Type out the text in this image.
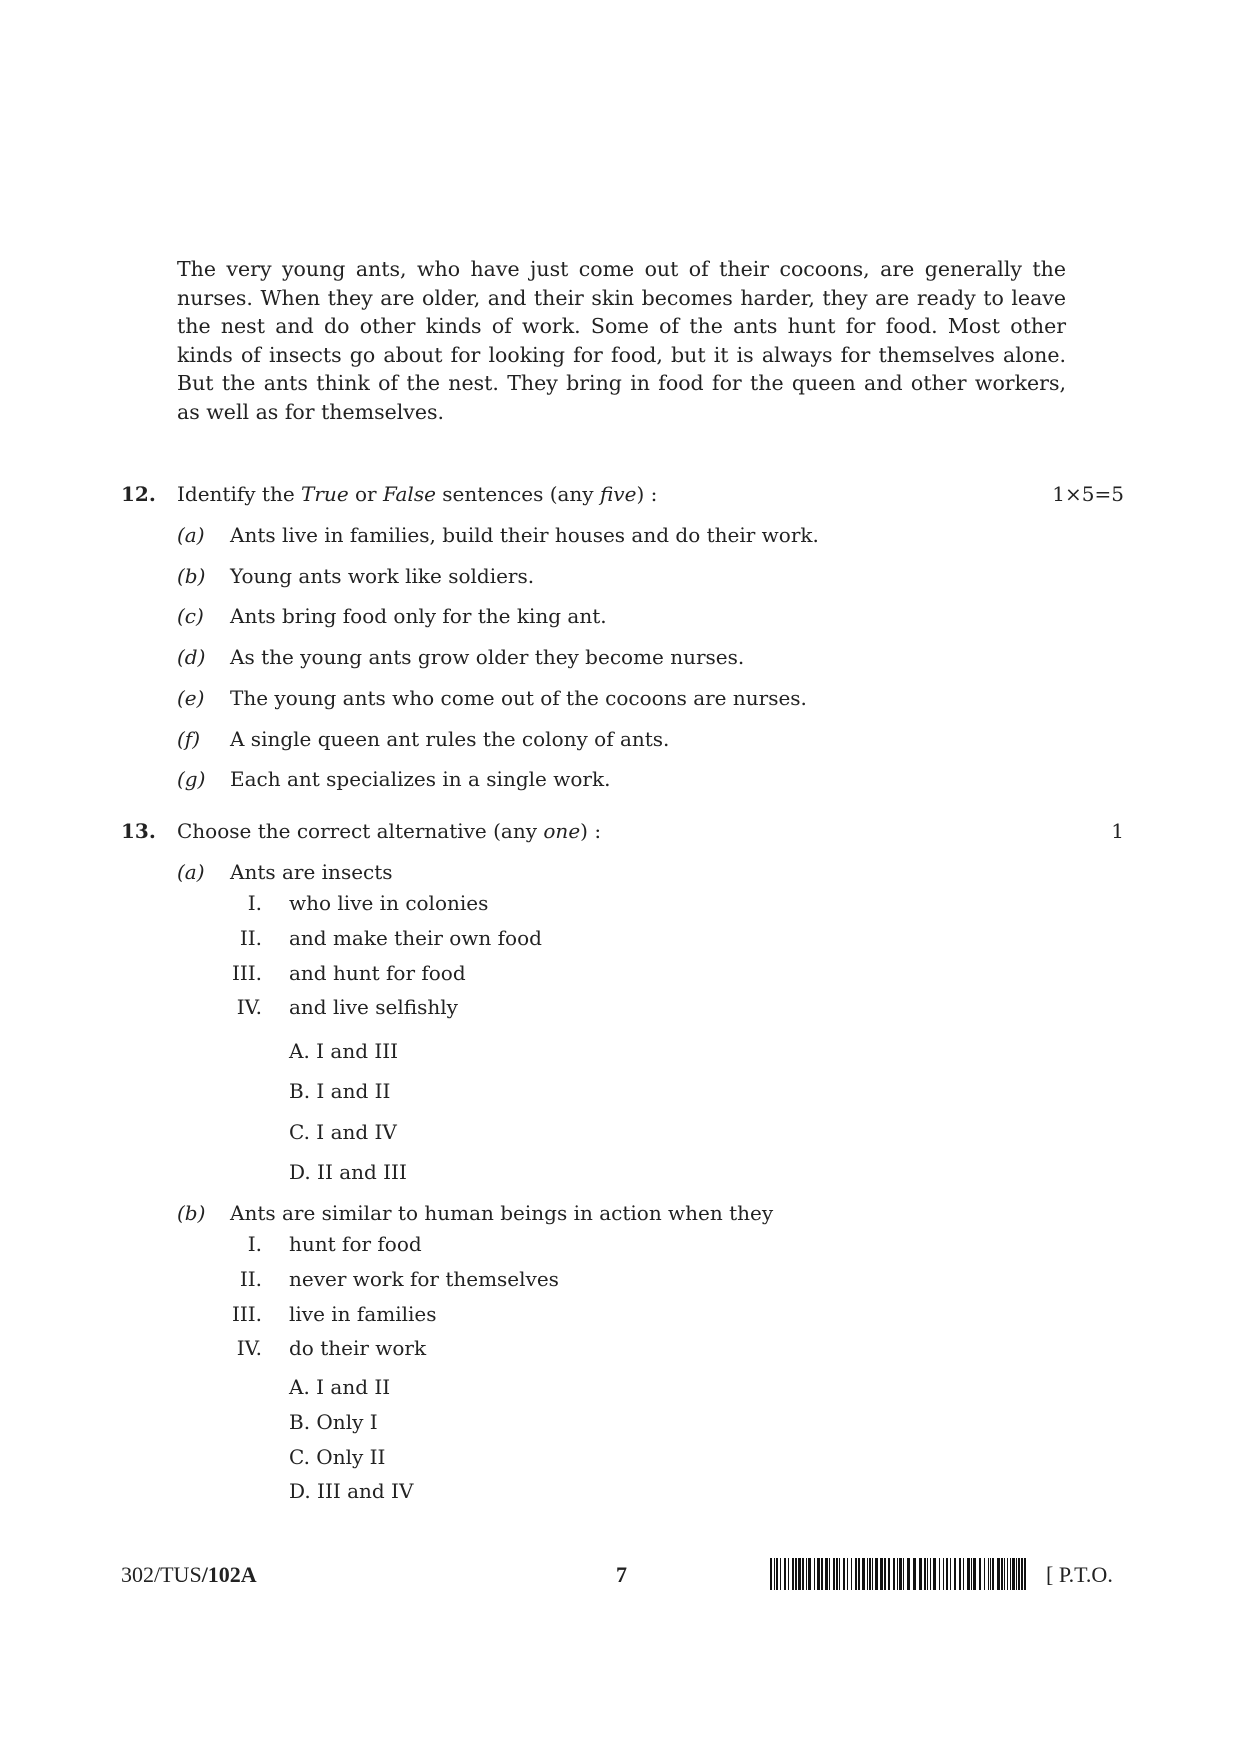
The very young ants, who have just come out of their cocoons, are generally the nurses. When they are older, and their skin becomes harder, they are ready to leave the nest and do other kinds of work. Some of the ants hunt for food. Most other kinds of insects go about for looking for food, but it is always for themselves alone. But the ants think of the nest. They bring in food for the queen and other workers, as well as for themselves.
12. Identify the True or False sentences (any five) :	1×5=5
(a) Ants live in families, build their houses and do their work.
(b) Young ants work like soldiers.
(c) Ants bring food only for the king ant.
(d) As the young ants grow older they become nurses.
(e) The young ants who come out of the cocoons are nurses.
(f) A single queen ant rules the colony of ants.
(g) Each ant specializes in a single work.
13. Choose the correct alternative (any one) :	1
(a) Ants are insects
I. who live in colonies
II. and make their own food
III. and hunt for food
IV. and live selfishly
A. I and III
B. I and II
C. I and IV
D. II and III
(b) Ants are similar to human beings in action when they
I. hunt for food
II. never work for themselves
III. live in families
IV. do their work
A. I and II
B. Only I
C. Only II
D. III and IV
302/TUS/102A	7	[ P.T.O.
